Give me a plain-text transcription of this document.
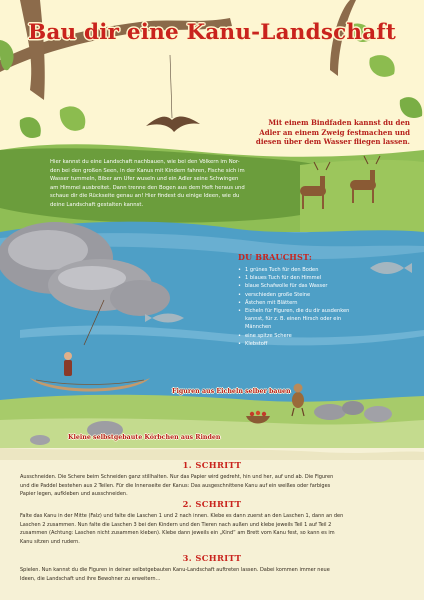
Bau dir eine Kanu-Landschaft
Mit einem Bindfaden kannst du den
Adler an einem Zweig festmachen und
diesen über dem Wasser fliegen lassen.
Hier kannst du eine Landschaft nachbauen, wie bei den Völkern im Nor-
den bei den großen Seen, in der Kanus mit Kindern fahren, Fische sich im
Wasser tummeln, Biber am Ufer wuseln und ein Adler seine Schwingen
am Himmel ausbreitet. Dann trenne den Bogen aus dem Heft heraus und
schaue dir die Rückseite genau an! Hier findest du einige Ideen, wie du
deine Landschaft gestalten kannst.
DU BRAUCHST:
• 1 grünes Tuch für den Boden
• 1 blaues Tuch für den Himmel
• blaue Schafwolle für das Wasser
• verschieden große Steine
• Ästchen mit Blättern
• Eicheln für Figuren, die du dir ausdenken kannst, für z. B. einen Hirsch oder ein Männchen
• eine spitze Schere
• Klebstoff
Figuren aus Eicheln selber bauen
Kleine selbstgebaute Körbchen aus Rinden
1. SCHRITT
Ausschneiden. Die Schere beim Schneiden ganz stillhalten. Nur das Papier wird gedreht, hin und her, auf und ab. Die Figuren
und die Paddel bestehen aus 2 Teilen. Für die Innenseite der Kanus: Das ausgeschnittene Kanu auf ein weißes oder farbiges
Papier legen, aufkleben und ausschneiden.
2. SCHRITT
Falte das Kanu in der Mitte (Falz) und falte die Laschen 1 und 2 nach innen. Klebe es dann zuerst an den Laschen 1, dann an den
Laschen 2 zusammen. Nun falte die Laschen 3 bei den Kindern und den Tieren nach außen und klebe jeweils Teil 1 auf Teil 2
zusammen (Achtung: Laschen nicht zusammen kleben). Klebe dann jeweils ein „Kind“ am Brett vom Kanu fest, so kann es im
Kanu sitzen und rudern.
3. SCHRITT
Spielen. Nun kannst du die Figuren in deiner selbstgebauten Kanu-Landschaft auftreten lassen. Dabei kommen immer neue
Ideen, die Landschaft und ihre Bewohner zu erweitern...
